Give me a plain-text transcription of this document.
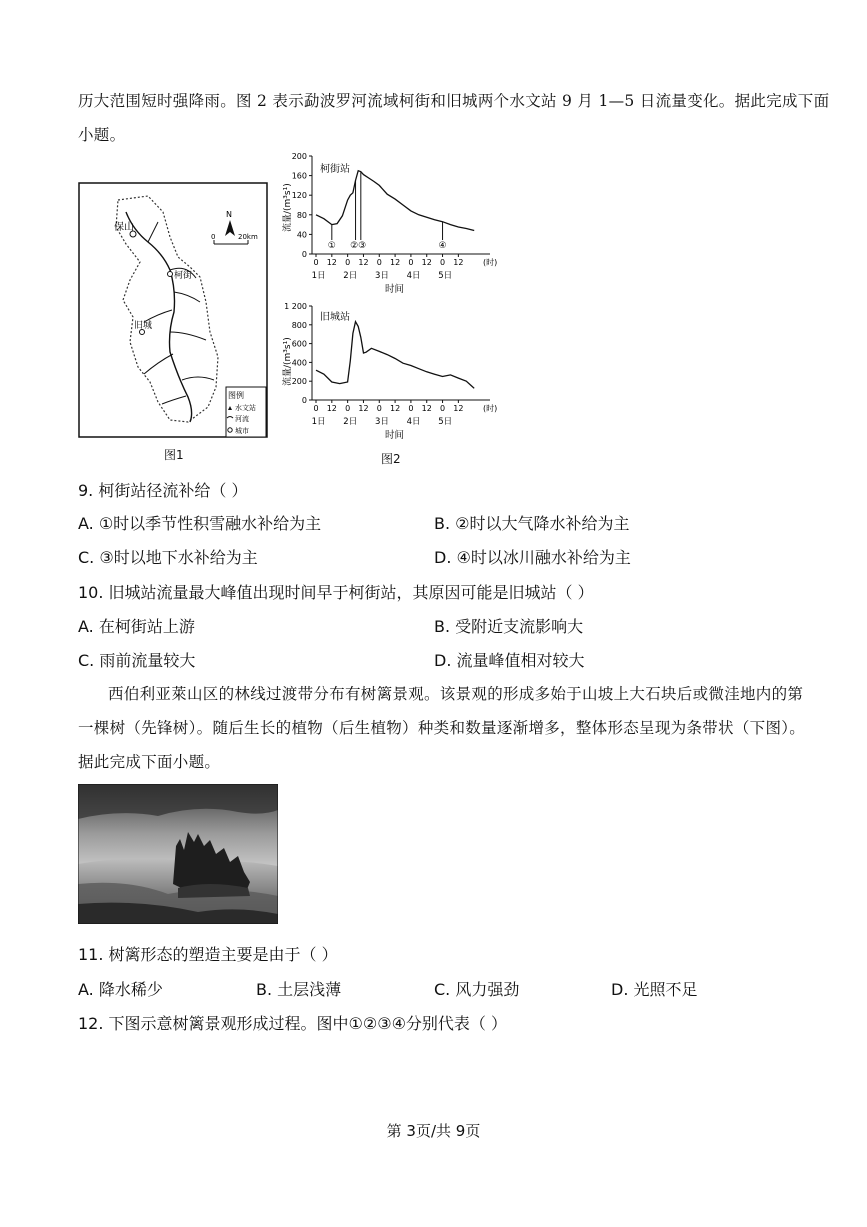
历大范围短时强降雨。图 2 表示勐波罗河流域柯街和旧城两个水文站 9 月 1—5 日流量变化。据此完成下面
小题。
保山
柯街
旧城
N
0	20km
图例
水文站
河流
城市
图1
柯街站
0
40
80
120
160
200
0 12 0 12 0 12 0 12 0 12
① ②③	④
流量/(m³s¹)
(时)
1日 2日 3日 4日 5日
时间
旧城站
0
200
400
600
800
1 200
0 12 0 12 0 12 0 12 0 12
流量/(m³s¹)
(时)
1日 2日 3日 4日 5日
时间
图2
9. 柯街站径流补给（ ）
A. ①时以季节性积雪融水补给为主	B. ②时以大气降水补给为主
C. ③时以地下水补给为主	D. ④时以冰川融水补给为主
10. 旧城站流量最大峰值出现时间早于柯街站，其原因可能是旧城站（ ）
A. 在柯街站上游	B. 受附近支流影响大
C. 雨前流量较大	D. 流量峰值相对较大
西伯利亚萊山区的林线过渡带分布有树篱景观。该景观的形成多始于山坡上大石块后或微洼地内的第
一棵树（先锋树）。随后生长的植物（后生植物）种类和数量逐渐增多，整体形态呈现为条带状（下图）。
据此完成下面小题。
11. 树篱形态的塑造主要是由于（ ）
A. 降水稀少	B. 土层浅薄	C. 风力强劲	D. 光照不足
12. 下图示意树篱景观形成过程。图中①②③④分别代表（ ）
第 3页/共 9页
